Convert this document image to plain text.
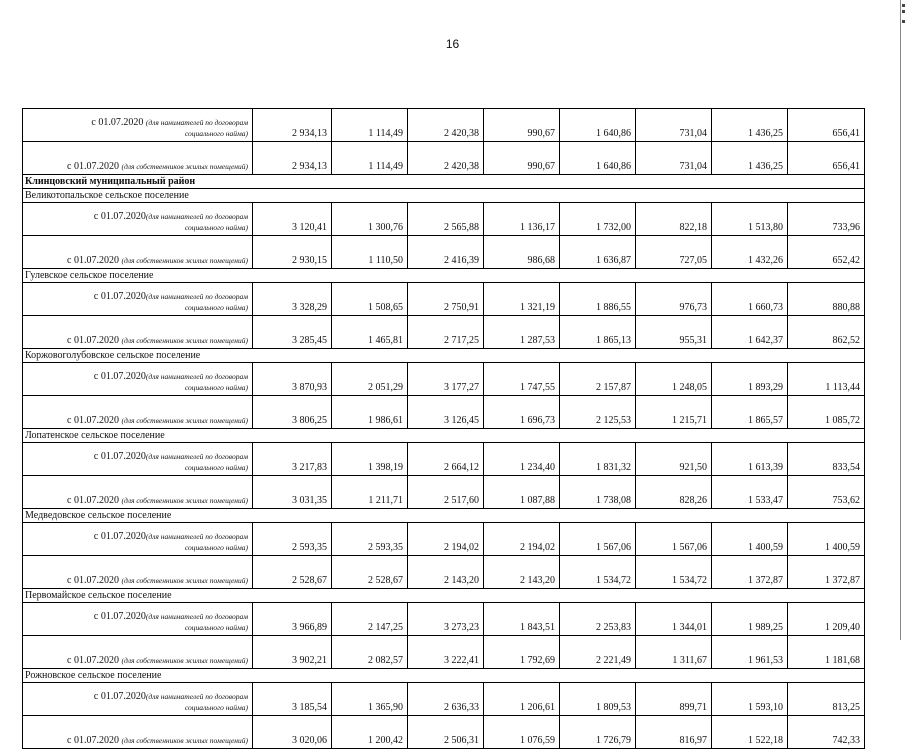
16
с 01.07.2020 (для нанимателей по договорам
социального найма)	2 934,13	1 114,49	2 420,38	990,67	1 640,86	731,04	1 436,25	656,41
с 01.07.2020 (для собственников жилых помещений)	2 934,13	1 114,49	2 420,38	990,67	1 640,86	731,04	1 436,25	656,41
Клинцовский муниципальный район								
Великотопальское сельское поселение								

с 01.07.2020(для нанимателей по договорам
социального найма)	3 120,41	1 300,76	2 565,88	1 136,17	1 732,00	822,18	1 513,80	733,96
с 01.07.2020 (для собственников жилых помещений)	2 930,15	1 110,50	2 416,39	986,68	1 636,87	727,05	1 432,26	652,42
Гулевское сельское поселение								

с 01.07.2020(для нанимателей по договорам
социального найма)	3 328,29	1 508,65	2 750,91	1 321,19	1 886,55	976,73	1 660,73	880,88
с 01.07.2020 (для собственников жилых помещений)	3 285,45	1 465,81	2 717,25	1 287,53	1 865,13	955,31	1 642,37	862,52
Коржовоголубовское сельское поселение								

с 01.07.2020(для нанимателей по договорам
социального найма)	3 870,93	2 051,29	3 177,27	1 747,55	2 157,87	1 248,05	1 893,29	1 113,44
с 01.07.2020 (для собственников жилых помещений)	3 806,25	1 986,61	3 126,45	1 696,73	2 125,53	1 215,71	1 865,57	1 085,72
Лопатенское сельское поселение								

с 01.07.2020(для нанимателей по договорам
социального найма)	3 217,83	1 398,19	2 664,12	1 234,40	1 831,32	921,50	1 613,39	833,54
с 01.07.2020 (для собственников жилых помещений)	3 031,35	1 211,71	2 517,60	1 087,88	1 738,08	828,26	1 533,47	753,62
Медведовское сельское поселение								

с 01.07.2020(для нанимателей по договорам
социального найма)	2 593,35	2 593,35	2 194,02	2 194,02	1 567,06	1 567,06	1 400,59	1 400,59
с 01.07.2020 (для собственников жилых помещений)	2 528,67	2 528,67	2 143,20	2 143,20	1 534,72	1 534,72	1 372,87	1 372,87
Первомайское сельское поселение								

с 01.07.2020(для нанимателей по договорам
социального найма)	3 966,89	2 147,25	3 273,23	1 843,51	2 253,83	1 344,01	1 989,25	1 209,40
с 01.07.2020 (для собственников жилых помещений)	3 902,21	2 082,57	3 222,41	1 792,69	2 221,49	1 311,67	1 961,53	1 181,68
Рожновское сельское поселение								

с 01.07.2020(для нанимателей по договорам
социального найма)	3 185,54	1 365,90	2 636,33	1 206,61	1 809,53	899,71	1 593,10	813,25
с 01.07.2020 (для собственников жилых помещений)	3 020,06	1 200,42	2 506,31	1 076,59	1 726,79	816,97	1 522,18	742,33
